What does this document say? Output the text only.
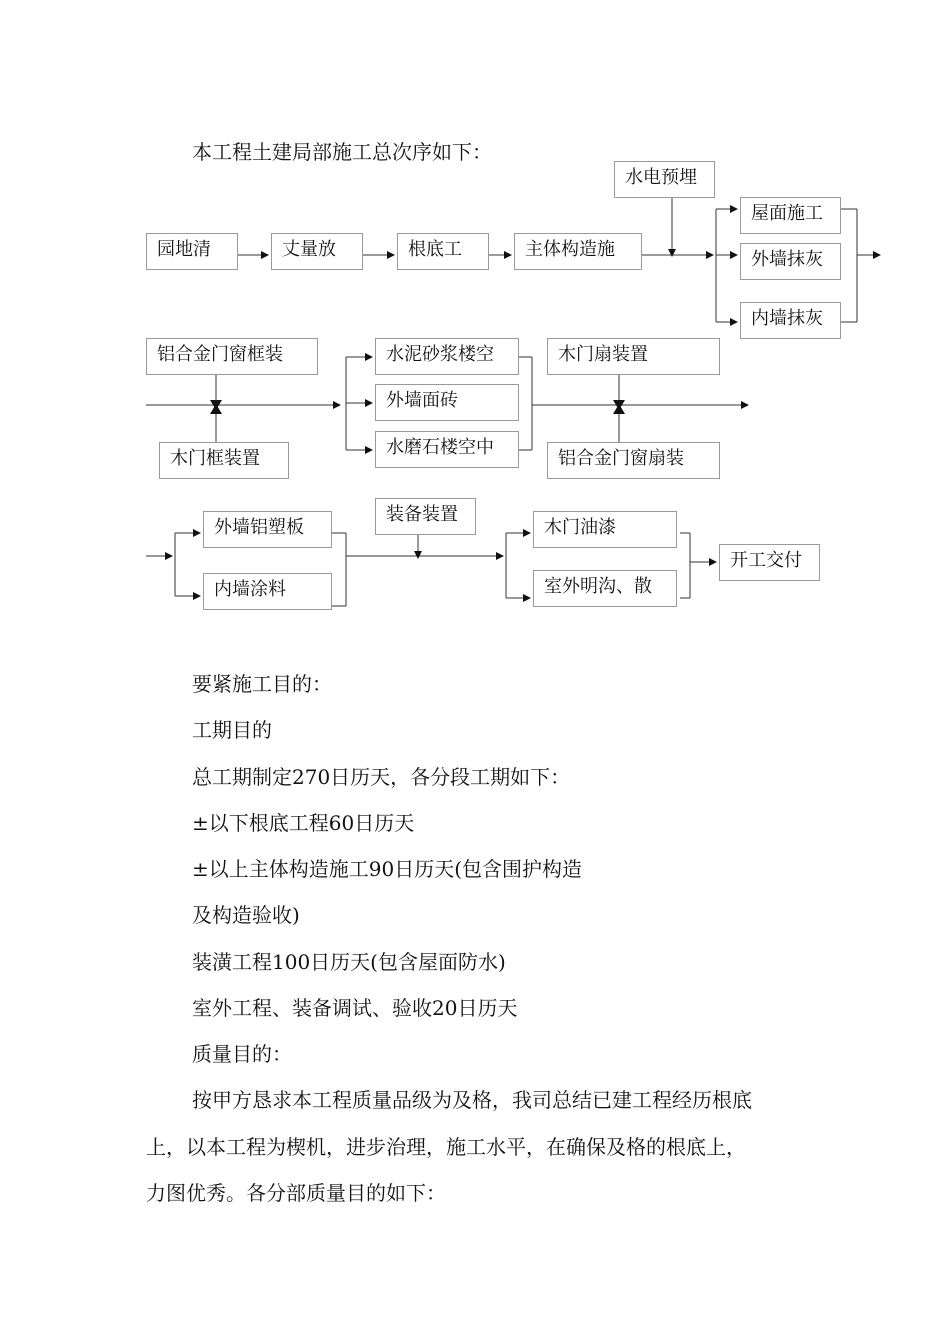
本工程土建局部施工总次序如下：
园地清	丈量放	根底工	主体构造施
水电预埋
屋面施工
外墙抹灰
内墙抹灰
铝合金门窗框装
木门框装置
水泥砂浆楼空
外墙面砖
水磨石楼空中
木门扇装置
铝合金门窗扇装
外墙铝塑板
内墙涂料
装备装置
木门油漆
室外明沟、散
开工交付
要紧施工目的：
工期目的
总工期制定270日历天，各分段工期如下：
±以下根底工程60日历天
±以上主体构造施工90日历天(包含围护构造
及构造验收)
装潢工程100日历天(包含屋面防水)
室外工程、装备调试、验收20日历天
质量目的：
按甲方恳求本工程质量品级为及格，我司总结已建工程经历根底
上，以本工程为楔机，进步治理，施工水平，在确保及格的根底上，
力图优秀。各分部质量目的如下：
